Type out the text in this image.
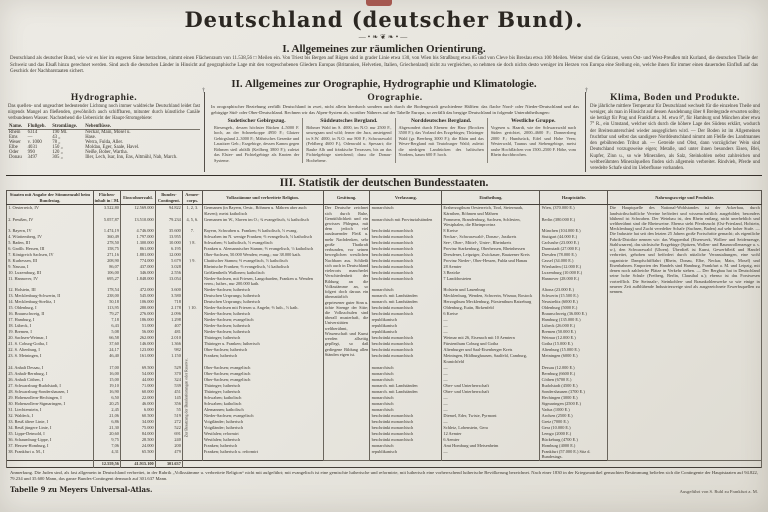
Deutschland (deutscher Bund).
—•❧❦❧•—
I. Allgemeines zur räumlichen Orientirung.

Deutschland als deutscher Bund, wie wir es hier im engeren Sinne betrachten, nimmt einen Flächenraum von 11.538,56 □ Meilen ein. Von Triest bis Bergen auf Rügen sind in grader Linie etwa 130, von Wien bis Straßburg etwa 85 und von Cleve bis Breslau etwa 100 Meilen. Weiter sind die Gränzen, wenn Ost- und West-Preußen mit Kurland, die deutschen Theile der Schweiz und das Elsaß hinzu gerechnet werden. Sind auch die deutschen Länder in Hinsicht auf geographische Lage mit den vorgeschobenen Gliedern Europas (Britannien, Helvetien, Italien, Griechenland) nicht zu vergleichen, so nehmen sie doch nichts desto weniger im Herzen von Europa eine Stellung ein, welche ihnen für immer einen dauernden Einfluß auf das Geschick der Nachbarstaaten sichert.

II. Allgemeines zur Orographie, Hydrographie und Klimatologie.
Hydrographie.

Das quellen- und ungeachtet bedeutender Lichtung noch immer waldreiche Deutschland leidet fast nirgends Mangel an fließenden, gewöhnlich auch schiffbaren, mitunter durch künstliche Canäle verbundenen Wasser. Nachstehend die Uebersicht der Haupt-Stromgebiete:

Name.	Flußgeb.	Stromlänge.	Nebenflüsse.
Rhein	6314	190 Ml.	Neckar, Main, Mosel u.
Ems	—	43 „	Hase.
Weser	v. 1000	78 „	Werra, Fulda, Aller.
Elbe	4031	150 „	Moldau, Eger, Saale, Havel.
Oder	990	120 „	Neiße, Bober, Wartha.
Donau	3497	305 „	Iller, Lech, Isar, Inn, Ens, Altmühl, Nab, March.
†	†
Orographie.

In orographischer Beziehung zerfällt Deutschland in zwei, nicht allein hierdurch sondern auch durch die Bodengestalt geschiedene Hälften: das flache Nord- oder Nieder-Deutschland und das gebirgige Süd- oder Ober-Deutschland. Rechnen wir das Alpen-System ab, worüber Näheres auf der Tabelle Europa, so zerfällt das bergige Deutschland in folgende Unterabtheilungen:

Sudetischer Gebirgszug.

Riesengeb., dessen höchster Rücken 4–5000 F. hoch, an der Schneekoppe 4950 F.; Glatzer Gebirgsland 2–3000 F.; Mährisches Gesenke und Lausitzer Geb.; Erzgebirge, dessen Kamm gegen Böhmen steil abfällt (Keilberg 3800 F.); zuletzt das Elster- und Fichtelgebirge als Knoten der Systeme.

Süddeutsches Bergland.

Böhmer Wald im S. 4000, im N.O. nur 2500 F., unwegsam und wild; ferner der Jura, ansteigend in S.W. 4000, in N.O. nur 800 F.; Schwarzwald (Feldberg 4600 F.), Odenwald u. Spessart; die Rauhe Alb und fränkische Terrassen, bis an das Fichtelgebirge streichend; dazu die Donau-Hochebene.

Norddeutsches Bergland.

Abgesondert durch Ebenen: der Harz (Brocken 3500 F.); das Vorland des Erzgebirges; Thüringer Wald (gr. Beerberg 3000 F.); die Rhön und das Weser-Bergland mit Teutoburger Wald; zuletzt die niedrigen Landrücken des baltischen Nordens, kaum 600 F. hoch.

Westliche Gruppe.

Vogesen u. Haardt, wie der Schwarzwald nach Süden gerichtet, 2000–4600 F.; Donnersberg 2000 F.; Hundsrück, Eifel und Hohe Veen; Westerwald, Taunus und Siebengebirge, meist rauhe Hochflächen von 1500–2500 F. Höhe, vom Rhein durchbrochen.

Klima, Boden und Produkte.

Die jährliche mittlere Temperatur für Deutschland wechselt für die einzelnen Theile und weniger, als man in Hinsicht auf dessen Ausdehnung über 8 Breitegrade erwarten sollte; sie beträgt für Prag und Frankfurt a. M. etwa 8°, für Hamburg und München aber etwa 7° R., ein Umstand, welcher sich durch die höhere Lage des Südens erklärt, wodurch der Breitenunterschied wieder ausgeglichen wird. — Der Boden ist im Allgemeinen fruchtbar und selbst das sandigere Norddeutschland nimmt am Fleiße des Landmannes den gebührenden Tribut ab. — Getreide und Obst, dann vorzüglicher Wein sind Deutschland vorzugsweise eigen; Metalle, und unter ihnen besonders Eisen, Blei, Kupfer, Zinn u., so wie Mineralien, als Salz, Steinkohlen nebst zahlreichen und weltberühmten Mineralquellen finden sich allgemein verbreitet. Rindvieh, Pferde und veredelte Schafe sind im Ueberflusse vorhanden.

III. Statistik der deutschen Bundesstaaten.
Staaten mit Angabe der Stimmenzahl beim Bundestag.	Flächeninhalt in □M.	Einwohnerzahl.	Bundes-Contingent.	Armeecorps.	Volksstämme und verbreitete Religion.	Gesittung.	Verfassung.	Eintheilung.	Hauptstädte.	Nahrungszweige und Produkte.
1. Oesterreich, IV	3.522,80	12.569.000	94.822	1, 2, 3.	Germanen (in Bayern, Oestr., Böhmen u. Mähren aber auch Slaven); meist katholisch	Der Deutsche zeichnet sich durch Ruhe, Gemüthlichkeit und ein gewisses Phlegma, mit dem jedoch viel ausdauernder Fleiß u. mehr Nachdenken, sehr große Thatkraft verbunden, vor seinen beweglichen westlichen Nachbarn aus. Schließt sich auch in Deutschland vielerorts mancherlei Verschiedenheit der Bildung an die Volksstämme an, so folgert doch daraus ein übernatürlich gepriesener guter Sinn u. ächte Strenge der Sitte; die Volksschulen sind überall musterhaft, die Universitäten weltberühmt, Wissenschaft und Kunst werden allseitig gepflegt, so daß gediegene Bildung allen Ständen eigen ist.	monarchisch	Erzherzogthum Oesterreich, Tirol, Steiermark, Kärnthen, Böhmen und Mähren	Wien, (370.000 E.)	Die Hauptquelle des National-Wohlstandes ist der Ackerbau, durch landwirthschaftliche Vereine befördert und wissenschaftlich ausgebildet; besonders blühend ist Schwaben. Der Weinbau ist, den Rhein entlang, nicht unerheblich und weltberühmt sind die Rheinweine. Ebenso steht Pferdezucht (Ost-Friesland, Holstein, Mecklenburg) und Zucht veredelter Schafe (Sachsen, Baden) auf sehr hoher Stufe. — Die Industrie hat seit den letzten 25 Jahren große Fortschritte gemacht; als eigentliche Fabrik-Distrikte nennen wir: das Wupperthal (Eisenwerk, Wollen- und Seidenzeuge, Stahlwaaren), das sächsische Erzgebirge (Spitzen, Wollen- und Baumwollenzeuge u. s. w.), den Schwarzwald (Uhren). Überdieß ist Kunst, Gewerbfleiß und Handel verbreitet, gehoben und befördert durch nützliche Veranstaltungen, eine wohl organisirte Dampfschifffahrt (Rhein, Donau, Elbe, Neckar, Main, Mosel) und Eisenbahnen. Emporien des Handels sind Hamburg, Frankfurt a. M. und Leipzig, mit denen noch zahlreiche Plätze in Verkehr stehen. — Der Bergbau hat in Deutschland seine hohe Schule (Freiberg, Berlin, Clausthal u.); ebenso ist das Forstwesen vortrefflich. Die Steinsalz-, Steinkohlen- und Braunkohlenwerke so wie einige in neuerer Zeit aufblühende Industriezweige sind als ausgezeichnete Erwerbsquellen zu nennen.
2. Preußen, IV	5.057,87	13.510.000	79.234	4, 5, 6.	Germanen im W., Slaven im O.; ¾ evangelisch, ¼ katholisch		monarchisch mit Provinzialständen	Pommern, Brandenburg, Sachsen, Schlesien, Westphalen, die Rheinprovinz	Berlin (380.000 E.)	
3. Bayern, IV	1.474,19	4.746.000	35.600	7.	Bayern, Schwaben u. Franken; ⅔ katholisch, ⅓ evang.		beschränkt monarchisch	8 Kreise	München (104.000 E.)	
4. Württemberg, IV	360,49	1.797.000	13.955		Schwaben im N. wenige Franken; ⅔ evangelisch, ⅓ katholisch		beschränkt monarchisch	Neckar-, Schwarzwald-, Donau-, Jaxtkreis	Stuttgart (44.000 E.)	
5. Baden, III	278,50	1.300.000	10.000	} 8.	Schwaben; ⅔ katholisch, ⅓ evangelisch		beschränkt monarchisch	See-, Ober-, Mittel-, Unter-, Rheinkreis	Carlsruhe (23.000 E.)	
6. Großh. Hessen, III	158,75	861.000	6.195		Franken u. Alemannischer Stamm; ⅔ evangelisch, ⅓ katholisch		beschränkt monarchisch	Provinz Starkenburg, Oberhessen, Rheinhessen	Darmstadt (27.000 E.)	
7. Königreich Sachsen, IV	271,16	1.881.000	12.000		Ober-Sachsen, 50.000 Wenden; evang.; nur 38.000 kath.		beschränkt monarchisch	Dresdener, Leipziger, Zwickauer, Bautzener Kreis	Dresden (78.000 E.)	
8. Kurhessen, III	208,90	774.000	5.679	} 9.	Chattischer Stamm; ⅔ evangelisch, ⅓ katholisch		beschränkt monarchisch	Provinz Nieder-, Ober-Hessen, Fulda und Hanau	Cassel (34.000 E.)	
9. Nassau, I	86,07	437.000	3.028		Rheinische Franken; ⅔ evangelisch, ⅓ katholisch		beschränkt monarchisch	28 Aemter	Wiesbaden (12.000 E.)	
10. Luxemburg, III	106,00	346.000	2.556		Größtentheils Wallonen; katholisch		beschränkt monarchisch	3 Bezirke	Luxemburg (10.000 E.)	
11. Hannover, IV	695,27	1.848.000	13.054		Nieder-Sachsen, mit Friesen, Langobarden, Franken u. Wenden verm.; luther., nur 200.000 kath.		beschränkt monarchisch	7 Landdrosteien	Hannover (28.000 E.)	
12. Holstein, III	178,54	472.000	3.600		Nieder-Sachsen; lutherisch		monarchisch	Holstein und Lauenburg	Altona (23.000 E.)	
13. Mecklenburg-Schwerin, II	238,00	545.000	3.580		Deutschen Ursprungs; lutherisch		monarch. mit Landständen	Mecklenburg, Wenden, Schwerin, Wismar, Rostock	Schwerin (15.500 E.)	
14. Mecklenburg-Strelitz, I	50,18	106.000	718		Deutschen Ursprungs; lutherisch		monarch. mit Landständen	Herzogthum Mecklenburg, Fürstenthum Ratzeburg	Neustrelitz (6000 E.)	
15. Oldenburg, I	113,95	280.000	2.178	} 10.	Nieder-Sachsen mit Friesen u. Angeln; ⅔ luth., ⅓ kath.		beschränkt monarchisch	Oldenburg, Eutin, Birkenfeld	Oldenburg (5000 E.)	
16. Braunschweig, II	79,27	276.000	2.096		Nieder-Sachsen; lutherisch		beschränkt monarchisch	6 Kreise	Braunschweig (36.000 E.)	
17. Hamburg, I	7,18	186.000	1.298		Nieder-Sachsen; evangelisch		republikanisch	—	Hamburg (135.000 E.)	
18. Lübeck, I	6,43	51.000	407		Nieder-Sachsen; lutherisch		republikanisch	—	Lübeck (26.000 E.)	
19. Bremen, I	5,08	56.000	481		Nieder-Sachsen; lutherisch		republikanisch	—	Bremen (50.000 E.)	
20. Sachsen-Weimar, I	66,58	262.000	2.010	Zur Besatzung der Bundesfestungen oder Reserve.	Thüringer; lutherisch		beschränkt monarchisch	Weimar mit 26, Eisenach mit 10 Aemtern	Weimar (12.000 E.)	
21. S. Coburg-Gotha, I	37,60	146.000	1.366		Thüringer u. Franken; lutherisch		beschränkt monarchisch	Fürstenthum Coburg und Gotha	Gotha (15.000 E.)	
22. S. Altenburg, I	24,17	123.000	982		Ober-Sachsen; lutherisch		beschränkt monarchisch	Altenburger und Saal-Eisenberger Kreis	Altenburg (15.000 E.)	
23. S. Meiningen, I	46,40	161.000	1.150		Franken; lutherisch		beschränkt monarchisch	Meiningen, Hildburghausen, Saalfeld, Camburg, Kranichfeld	Meiningen (6000 E.)	
24. Anhalt Dessau, I	17,00	69.500	529		Ober-Sachsen; evangelisch		monarchisch	—	Dessau (12.000 E.)	
25. Anhalt-Bernburg, I	16,00	54.000	370		Ober-Sachsen; evangelisch		monarchisch	—	Bernburg (6600 E.)	
26. Anhalt Cöthen, I	15,00	44.000	324		Ober-Sachsen; evangelisch		monarchisch	—	Cöthen (6700 E.)	
27. Schwarzburg-Rudolstadt, I	19,10	71.000	539		Thüringer; lutherisch		monarch. mit Landständen	Ober- und Unterherrschaft	Rudolstadt (4500 E.)	
28. Schwarzburg-Sondershausen, I	16,90	60.000	451		Thüringer; lutherisch		monarch. mit Landständen	Ober- und Unterherrschaft	Sondershausen (3700 E.)	
29. Hohenzollern-Hechingen, I	6,50	22.000	145		Schwaben; katholisch		monarchisch	—	Hechingen (3000 E.)	
30. Hohenzollern-Sigmaringen, I	20,25	46.000	356		Schwaben; katholisch		monarchisch	—	Sigmaringen (2500 E.)	
31. Liechtenstein, I	2,45	6.000	55		Alemannen; katholisch		monarchisch	—	Vaduz (1000 E.)	
32. Waldeck, I	21,06	60.500	519		Nieder-Sachsen; evangelisch		beschränkt monarchisch	Diemel, Eder, Twiste, Pyrmont	Arolsen (2500 E.)	
33. Reuß ältere Linie, I	6,86	34.000	272		Voigtländer; lutherisch		beschränkt monarchisch	—	Greiz (7000 E.)	
34. Reuß jüngere Linie, I	21,30	75.000	522		Voigtländer; lutherisch		beschränkt monarchisch	Schleiz, Lobenstein, Gera	Gera (10.000 E.)	
35. Lippe-Detmold, I	20,60	84.000	691		Westfalen; reformirt		beschränkt monarchisch	12 Aemter	Lemgo (2000 E.)	
36. Schaumburg-Lippe, I	9,75	28.500	240		Westfalen; lutherisch		beschränkt monarchisch	6 Aemter	Bückeburg (4700 E.)	
37. Hessen-Homburg, I	7,06	24.000	200		Franken; lutherisch		monarchisch	Amt Homburg und Meisenheim	Homburg (4000 E.)	
38. Frankfurt a. M., I	4,31	65.500	479		Franken; lutherisch u. reformirt		republikanisch	—	Frankfurt (57.000 E.) Sitz d. Bundestags.	
	12.559,56	41.915.100	301.637							

Anmerkung. Die Juden sind, als fast allgemein in Deutschland verbreitet, in der Rubrik „Volksstämme u. verbreitete Religion“ nicht mit aufgeführt; mit evangelisch ist eine gemischte lutherische und reformirte, mit lutherisch eine vorherrschend lutherische Bevölkerung bezeichnet. Nach einer 1830 in der Kriegsmatrikel gemachten Bestimmung beliefen sich die Contingente der Hauptstaaten auf 94.822, 79.234 und 35.600 Mann, das ganze Bundes-Contingent demnach auf 301.637 Mann.

Tabelle 9 zu Meyers Universal-Atlas.	Ausgeführt von S. Ruhl zu Frankfurt a. M.
